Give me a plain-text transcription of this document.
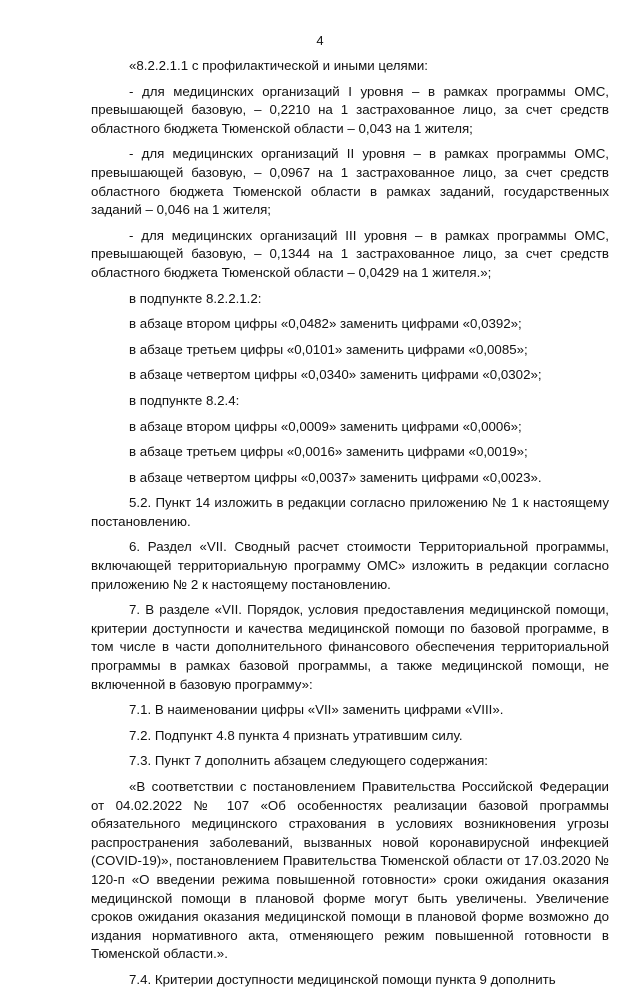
4

«8.2.2.1.1 с профилактической и иными целями:

- для медицинских организаций I уровня – в рамках программы ОМС, превышающей базовую, – 0,2210 на 1 застрахованное лицо, за счет средств областного бюджета Тюменской области – 0,043 на 1 жителя;

- для медицинских организаций II уровня – в рамках программы ОМС, превышающей базовую, – 0,0967 на 1 застрахованное лицо, за счет средств областного бюджета Тюменской области в рамках заданий, государственных заданий – 0,046 на 1 жителя;

- для медицинских организаций III уровня – в рамках программы ОМС, превышающей базовую, – 0,1344 на 1 застрахованное лицо, за счет средств областного бюджета Тюменской области – 0,0429 на 1 жителя.»;

в подпункте 8.2.2.1.2:

в абзаце втором цифры «0,0482» заменить цифрами «0,0392»;

в абзаце третьем цифры «0,0101» заменить цифрами «0,0085»;

в абзаце четвертом цифры «0,0340» заменить цифрами «0,0302»;

в подпункте 8.2.4:

в абзаце втором цифры «0,0009» заменить цифрами «0,0006»;

в абзаце третьем цифры «0,0016» заменить цифрами «0,0019»;

в абзаце четвертом цифры «0,0037» заменить цифрами «0,0023».

5.2. Пункт 14 изложить в редакции согласно приложению № 1 к настоящему постановлению.

6. Раздел «VII. Сводный расчет стоимости Территориальной программы, включающей территориальную программу ОМС» изложить в редакции согласно приложению № 2 к настоящему постановлению.

7. В разделе «VII. Порядок, условия предоставления медицинской помощи, критерии доступности и качества медицинской помощи по базовой программе, в том числе в части дополнительного финансового обеспечения территориальной программы в рамках базовой программы, а также медицинской помощи, не включенной в базовую программу»:

7.1. В наименовании цифры «VII» заменить цифрами «VIII».

7.2. Подпункт 4.8 пункта 4 признать утратившим силу.

7.3. Пункт 7 дополнить абзацем следующего содержания:

«В соответствии с постановлением Правительства Российской Федерации от 04.02.2022 № 107 «Об особенностях реализации базовой программы обязательного медицинского страхования в условиях возникновения угрозы распространения заболеваний, вызванных новой коронавирусной инфекцией (COVID-19)», постановлением Правительства Тюменской области от 17.03.2020 № 120-п «О введении режима повышенной готовности» сроки ожидания оказания медицинской помощи в плановой форме могут быть увеличены. Увеличение сроков ожидания оказания медицинской помощи в плановой форме возможно до издания нормативного акта, отменяющего режим повышенной готовности в Тюменской области.».

7.4. Критерии доступности медицинской помощи пункта 9 дополнить
